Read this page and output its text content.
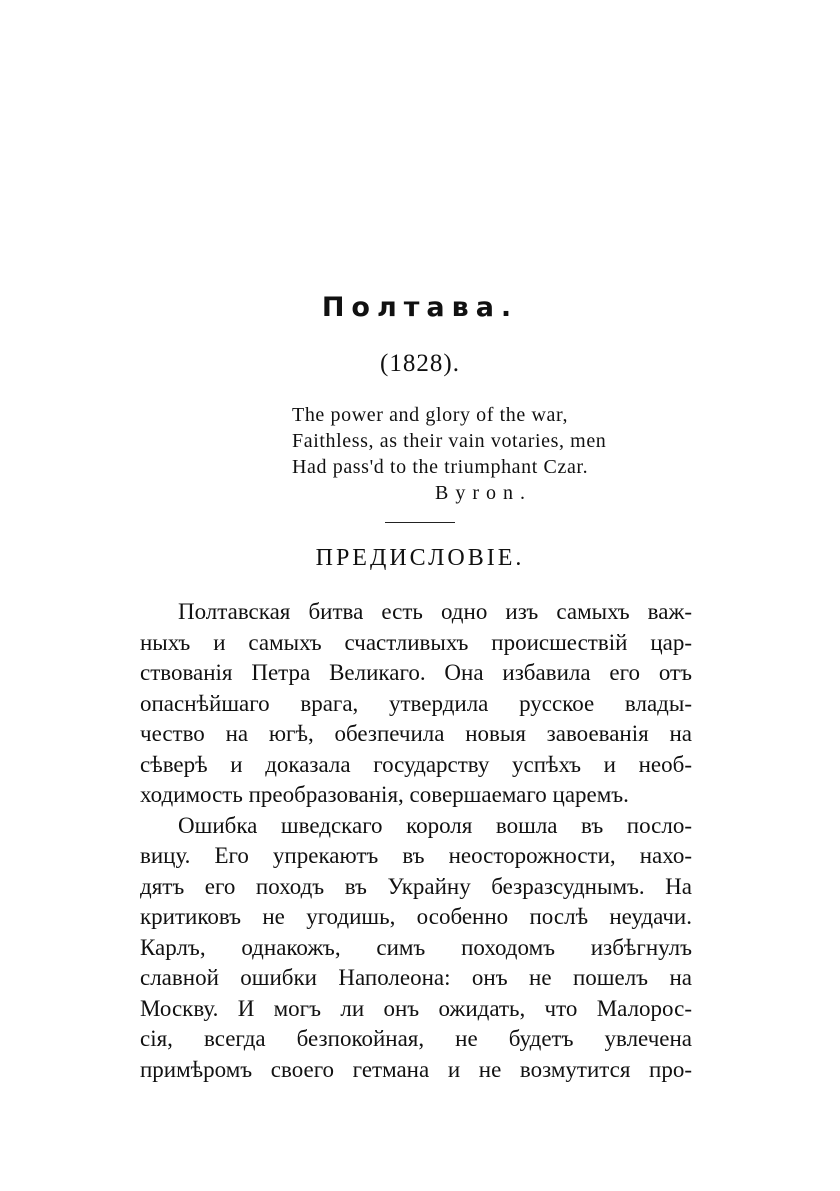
Полтава.
(1828).
The power and glory of the war,
Faithless, as their vain votaries, men
Had pass'd to the triumphant Czar.
Byron.
ПРЕДИСЛОВІЕ.
Полтавская битва есть одно изъ самыхъ важ-
ныхъ и самыхъ счастливыхъ происшествій цар-
ствованія Петра Великаго. Она избавила его отъ
опаснѣйшаго врага, утвердила русское влады-
чество на югѣ, обезпечила новыя завоеванія на
сѣверѣ и доказала государству успѣхъ и необ-
ходимость преобразованія, совершаемаго царемъ.
Ошибка шведскаго короля вошла въ посло-
вицу. Его упрекаютъ въ неосторожности, нахо-
дятъ его походъ въ Украйну безразсуднымъ. На
критиковъ не угодишь, особенно послѣ неудачи.
Карлъ, однакожъ, симъ походомъ избѣгнулъ
славной ошибки Наполеона: онъ не пошелъ на
Москву. И могъ ли онъ ожидать, что Малорос-
сія, всегда безпокойная, не будетъ увлечена
примѣромъ своего гетмана и не возмутится про-
